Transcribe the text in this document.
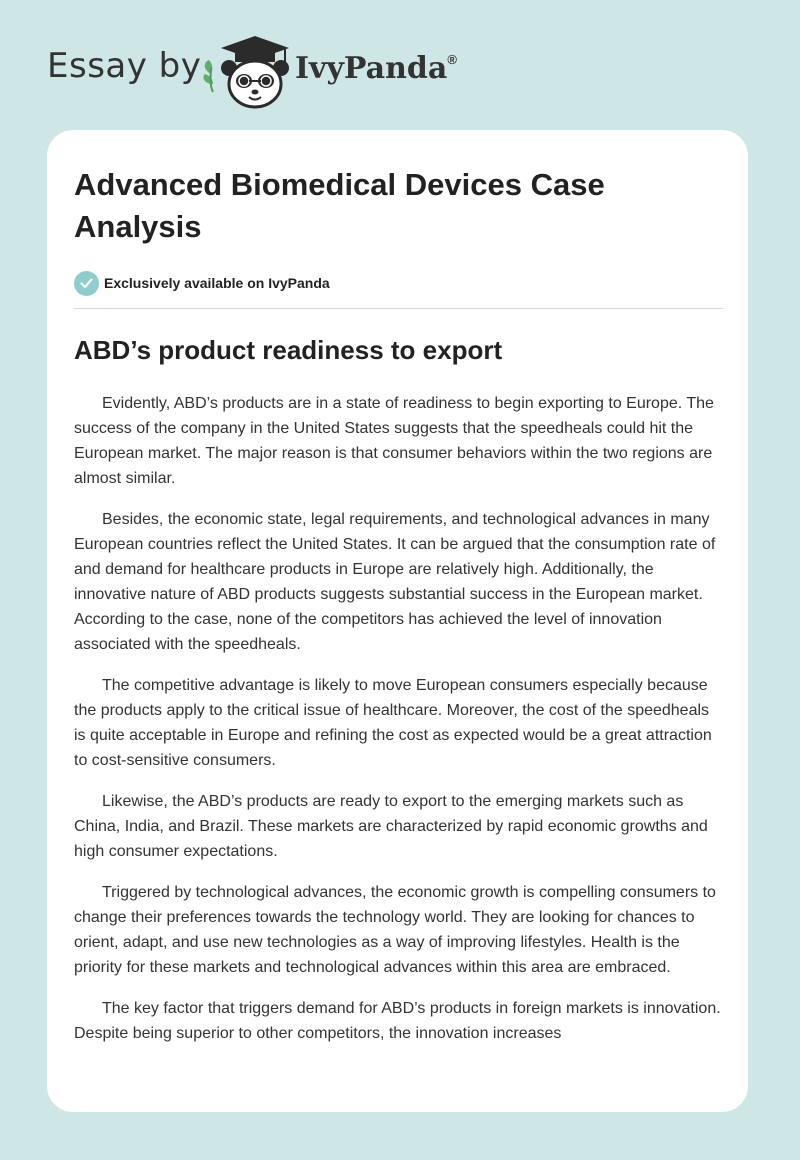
Essay by	IvyPanda®
Advanced Biomedical Devices Case Analysis
Exclusively available on IvyPanda
ABD’s product readiness to export

Evidently, ABD’s products are in a state of readiness to begin exporting to Europe. The success of the company in the United States suggests that the speedheals could hit the European market. The major reason is that consumer behaviors within the two regions are almost similar.

Besides, the economic state, legal requirements, and technological advances in many European countries reflect the United States. It can be argued that the consumption rate of and demand for healthcare products in Europe are relatively high. Additionally, the innovative nature of ABD products suggests substantial success in the European market. According to the case, none of the competitors has achieved the level of innovation associated with the speedheals.

The competitive advantage is likely to move European consumers especially because the products apply to the critical issue of healthcare. Moreover, the cost of the speedheals is quite acceptable in Europe and refining the cost as expected would be a great attraction to cost-sensitive consumers.

Likewise, the ABD’s products are ready to export to the emerging markets such as China, India, and Brazil. These markets are characterized by rapid economic growths and high consumer expectations.

Triggered by technological advances, the economic growth is compelling consumers to change their preferences towards the technology world. They are looking for chances to orient, adapt, and use new technologies as a way of improving lifestyles. Health is the priority for these markets and technological advances within this area are embraced.

The key factor that triggers demand for ABD’s products in foreign markets is innovation. Despite being superior to other competitors, the innovation increases
